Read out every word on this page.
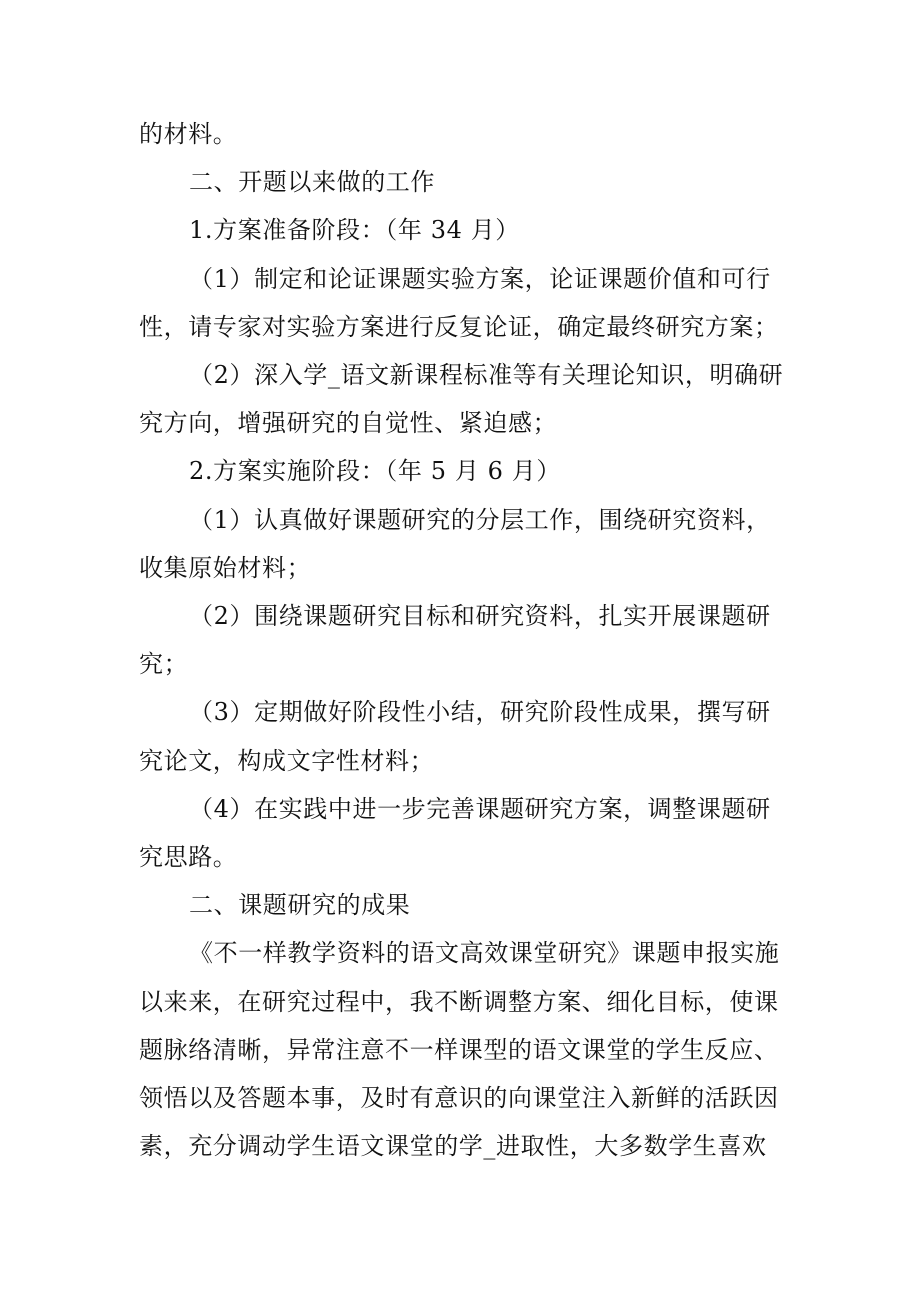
的材料。
二、开题以来做的工作
1.方案准备阶段：（年 34 月）
（1）制定和论证课题实验方案，论证课题价值和可行
性，请专家对实验方案进行反复论证，确定最终研究方案；
（2）深入学_语文新课程标准等有关理论知识，明确研
究方向，增强研究的自觉性、紧迫感；
2.方案实施阶段：（年 5 月 6 月）
（1）认真做好课题研究的分层工作，围绕研究资料，
收集原始材料；
（2）围绕课题研究目标和研究资料，扎实开展课题研
究；
（3）定期做好阶段性小结，研究阶段性成果，撰写研
究论文，构成文字性材料；
（4）在实践中进一步完善课题研究方案，调整课题研
究思路。
二、课题研究的成果
《不一样教学资料的语文高效课堂研究》课题申报实施
以来来，在研究过程中，我不断调整方案、细化目标，使课
题脉络清晰，异常注意不一样课型的语文课堂的学生反应、
领悟以及答题本事，及时有意识的向课堂注入新鲜的活跃因
素，充分调动学生语文课堂的学_进取性，大多数学生喜欢
